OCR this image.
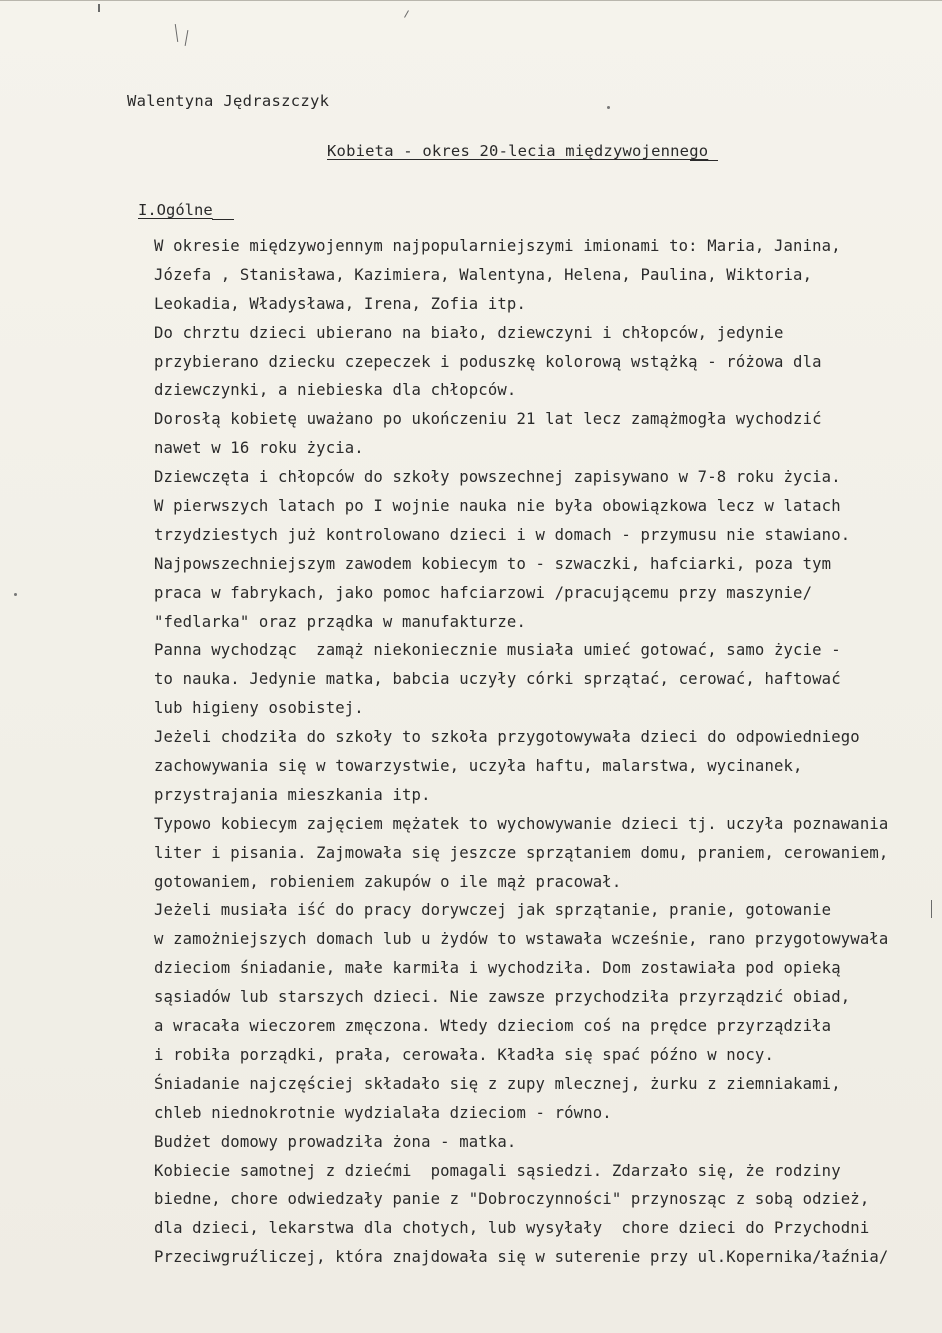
Walentyna Jędraszczyk
Kobieta - okres 20-lecia międzywojennego
I.Ogólne
W okresie międzywojennym najpopularniejszymi imionami to: Maria, Janina,
Józefa , Stanisława, Kazimiera, Walentyna, Helena, Paulina, Wiktoria,
Leokadia, Władysława, Irena, Zofia itp.
Do chrztu dzieci ubierano na biało, dziewczyni i chłopców, jedynie
przybierano dziecku czepeczek i poduszkę kolorową wstążką - różowa dla
dziewczynki, a niebieska dla chłopców.
Dorosłą kobietę uważano po ukończeniu 21 lat lecz zamążmogła wychodzić
nawet w 16 roku życia.
Dziewczęta i chłopców do szkoły powszechnej zapisywano w 7-8 roku życia.
W pierwszych latach po I wojnie nauka nie była obowiązkowa lecz w latach
trzydziestych już kontrolowano dzieci i w domach - przymusu nie stawiano.
Najpowszechniejszym zawodem kobiecym to - szwaczki, hafciarki, poza tym
praca w fabrykach, jako pomoc hafciarzowi /pracującemu przy maszynie/
"fedlarka" oraz prządka w manufakturze.
Panna wychodząc  zamąż niekoniecznie musiała umieć gotować, samo życie -
to nauka. Jedynie matka, babcia uczyły córki sprzątać, cerować, haftować
lub higieny osobistej.
Jeżeli chodziła do szkoły to szkoła przygotowywała dzieci do odpowiedniego
zachowywania się w towarzystwie, uczyła haftu, malarstwa, wycinanek,
przystrajania mieszkania itp.
Typowo kobiecym zajęciem mężatek to wychowywanie dzieci tj. uczyła poznawania
liter i pisania. Zajmowała się jeszcze sprzątaniem domu, praniem, cerowaniem,
gotowaniem, robieniem zakupów o ile mąż pracował.
Jeżeli musiała iść do pracy dorywczej jak sprzątanie, pranie, gotowanie
w zamożniejszych domach lub u żydów to wstawała wcześnie, rano przygotowywała
dzieciom śniadanie, małe karmiła i wychodziła. Dom zostawiała pod opieką
sąsiadów lub starszych dzieci. Nie zawsze przychodziła przyrządzić obiad,
a wracała wieczorem zmęczona. Wtedy dzieciom coś na prędce przyrządziła
i robiła porządki, prała, cerowała. Kładła się spać późno w nocy.
Śniadanie najczęściej składało się z zupy mlecznej, żurku z ziemniakami,
chleb niednokrotnie wydzialała dzieciom - równo.
Budżet domowy prowadziła żona - matka.
Kobiecie samotnej z dziećmi  pomagali sąsiedzi. Zdarzało się, że rodziny
biedne, chore odwiedzały panie z "Dobroczynności" przynosząc z sobą odzież,
dla dzieci, lekarstwa dla chotych, lub wysyłały  chore dzieci do Przychodni
Przeciwgruźliczej, która znajdowała się w suterenie przy ul.Kopernika/łaźnia/
